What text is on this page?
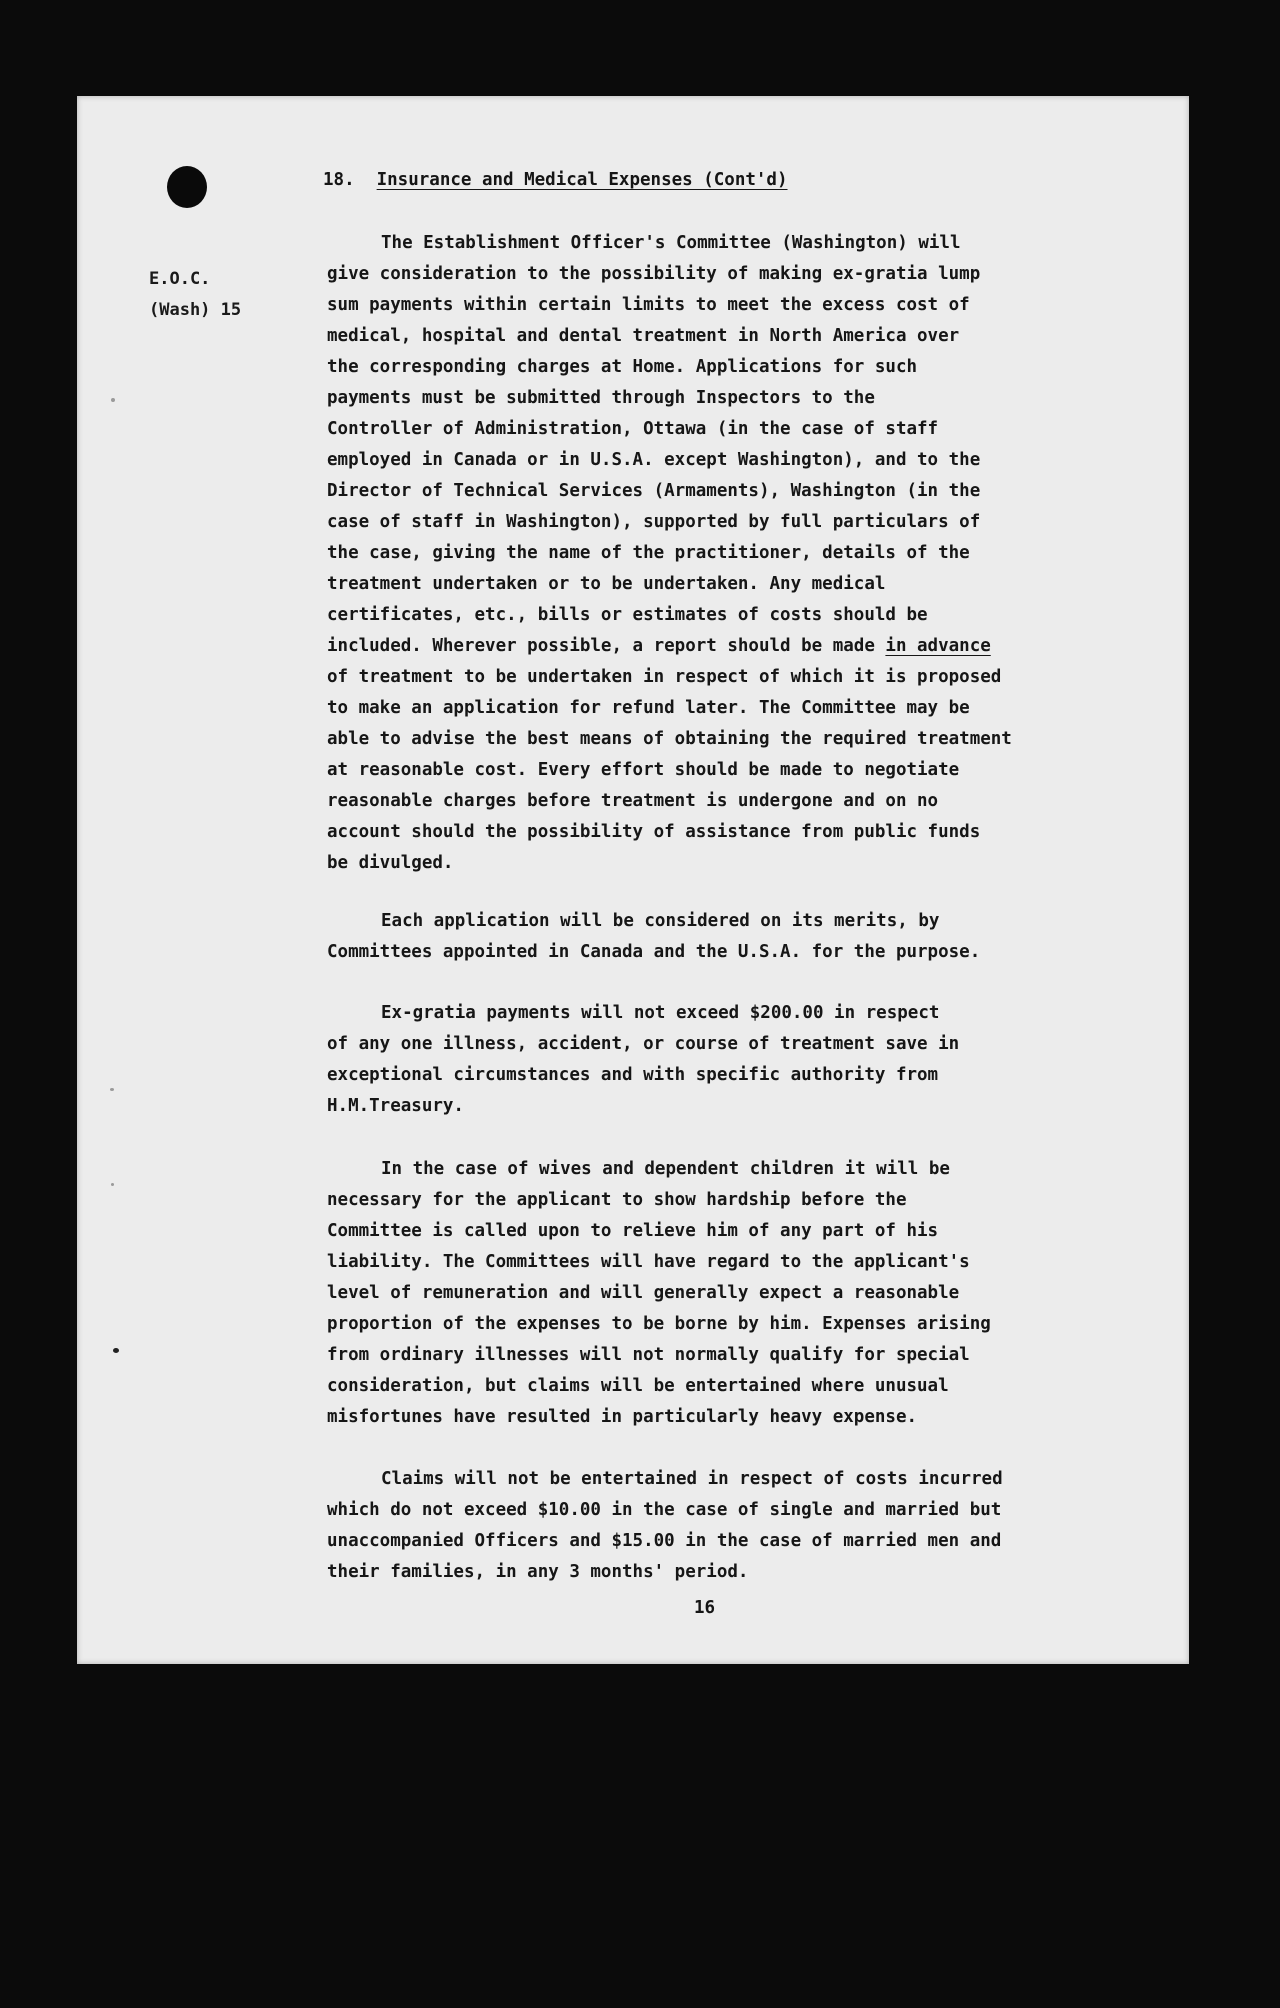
E.O.C.
(Wash) 15
18. Insurance and Medical Expenses (Cont'd)
The Establishment Officer's Committee (Washington) will
give consideration to the possibility of making ex-gratia lump
sum payments within certain limits to meet the excess cost of
medical, hospital and dental treatment in North America over
the corresponding charges at Home. Applications for such
payments must be submitted through Inspectors to the
Controller of Administration, Ottawa (in the case of staff
employed in Canada or in U.S.A. except Washington), and to the
Director of Technical Services (Armaments), Washington (in the
case of staff in Washington), supported by full particulars of
the case, giving the name of the practitioner, details of the
treatment undertaken or to be undertaken. Any medical
certificates, etc., bills or estimates of costs should be
included. Wherever possible, a report should be made in advance
of treatment to be undertaken in respect of which it is proposed
to make an application for refund later. The Committee may be
able to advise the best means of obtaining the required treatment
at reasonable cost. Every effort should be made to negotiate
reasonable charges before treatment is undergone and on no
account should the possibility of assistance from public funds
be divulged.
Each application will be considered on its merits, by
Committees appointed in Canada and the U.S.A. for the purpose.
Ex-gratia payments will not exceed $200.00 in respect
of any one illness, accident, or course of treatment save in
exceptional circumstances and with specific authority from
H.M.Treasury.
In the case of wives and dependent children it will be
necessary for the applicant to show hardship before the
Committee is called upon to relieve him of any part of his
liability. The Committees will have regard to the applicant's
level of remuneration and will generally expect a reasonable
proportion of the expenses to be borne by him. Expenses arising
from ordinary illnesses will not normally qualify for special
consideration, but claims will be entertained where unusual
misfortunes have resulted in particularly heavy expense.
Claims will not be entertained in respect of costs incurred
which do not exceed $10.00 in the case of single and married but
unaccompanied Officers and $15.00 in the case of married men and
their families, in any 3 months' period.
16
